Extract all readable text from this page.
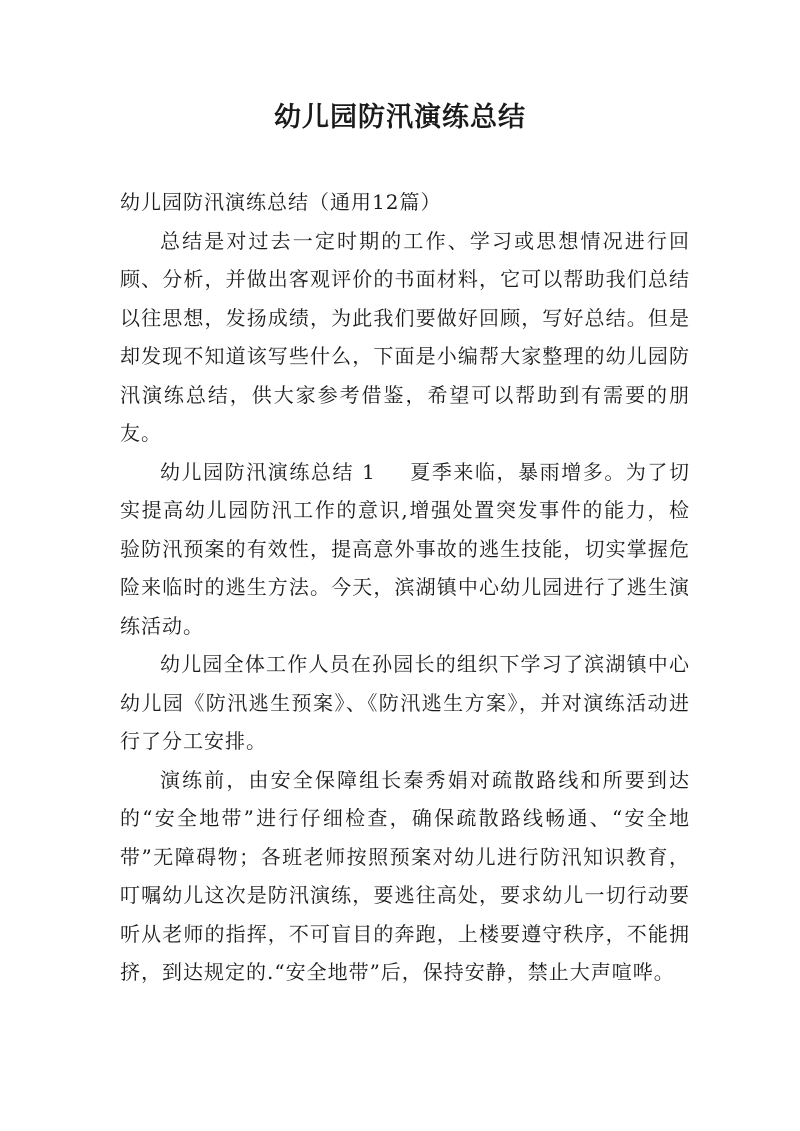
幼儿园防汛演练总结

幼儿园防汛演练总结（通用12篇）

总结是对过去一定时期的工作、学习或思想情况进行回顾、分析，并做出客观评价的书面材料，它可以帮助我们总结以往思想，发扬成绩，为此我们要做好回顾，写好总结。但是却发现不知道该写些什么，下面是小编帮大家整理的幼儿园防汛演练总结，供大家参考借鉴，希望可以帮助到有需要的朋友。

幼儿园防汛演练总结 1 夏季来临，暴雨增多。为了切实提高幼儿园防汛工作的意识,增强处置突发事件的能力，检验防汛预案的有效性，提高意外事故的逃生技能，切实掌握危险来临时的逃生方法。今天，滨湖镇中心幼儿园进行了逃生演练活动。

幼儿园全体工作人员在孙园长的组织下学习了滨湖镇中心幼儿园《防汛逃生预案》、《防汛逃生方案》，并对演练活动进行了分工安排。

演练前，由安全保障组长秦秀娟对疏散路线和所要到达的“安全地带”进行仔细检查，确保疏散路线畅通、“安全地带”无障碍物；各班老师按照预案对幼儿进行防汛知识教育，叮嘱幼儿这次是防汛演练，要逃往高处，要求幼儿一切行动要听从老师的指挥，不可盲目的奔跑，上楼要遵守秩序，不能拥挤，到达规定的.“安全地带”后，保持安静，禁止大声喧哗。
